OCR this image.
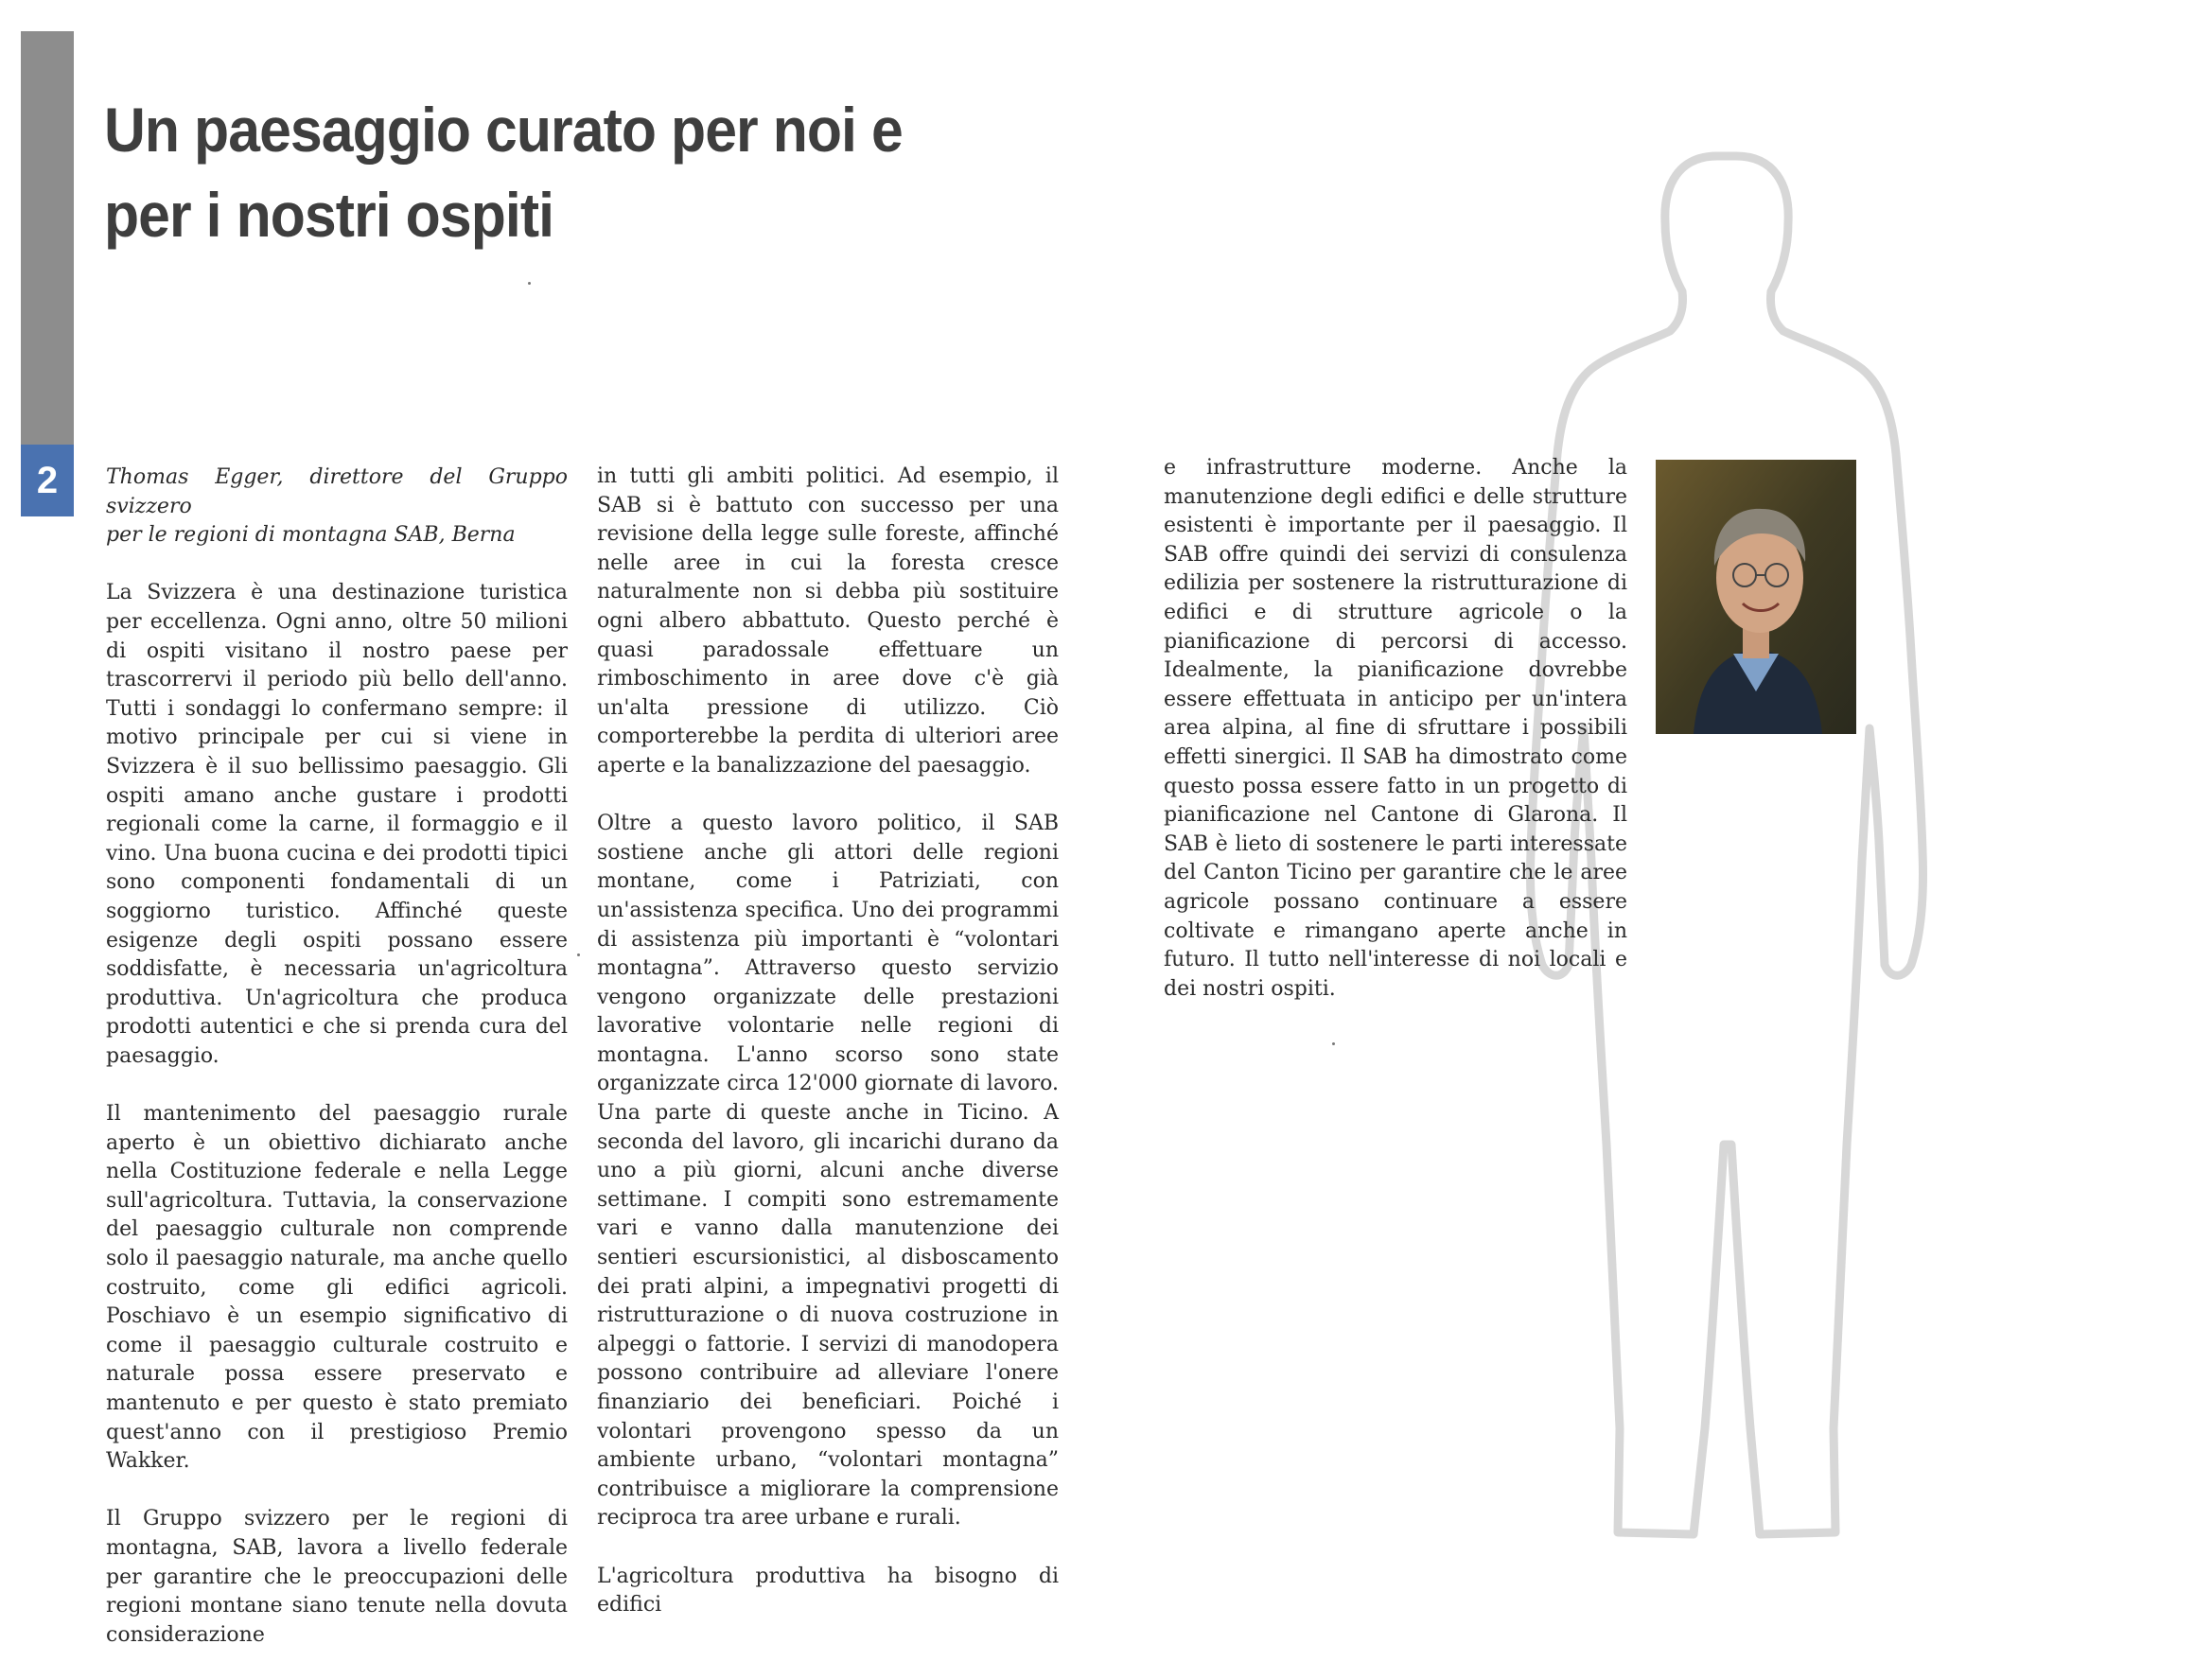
2
Un paesaggio curato per noi e
per i nostri ospiti

Thomas Egger, direttore del Gruppo svizzero
per le regioni di montagna SAB, Berna

La Svizzera è una destinazione turistica per eccellenza. Ogni anno, oltre 50 milioni di ospiti visitano il nostro paese per trascorrervi il periodo più bello dell'anno. Tutti i sondaggi lo confermano sempre: il motivo principale per cui si viene in Svizzera è il suo bellissimo paesaggio. Gli ospiti amano anche gustare i prodotti regionali come la carne, il formaggio e il vino. Una buona cucina e dei prodotti tipici sono componenti fondamentali di un soggiorno turistico. Affinché queste esigenze degli ospiti possano essere soddisfatte, è necessaria un'agricoltura produttiva. Un'agricoltura che produca prodotti autentici e che si prenda cura del paesaggio.

Il mantenimento del paesaggio rurale aperto è un obiettivo dichiarato anche nella Costituzione federale e nella Legge sull'agricoltura. Tuttavia, la conservazione del paesaggio culturale non comprende solo il paesaggio naturale, ma anche quello costruito, come gli edifici agricoli. Poschiavo è un esempio significativo di come il paesaggio culturale costruito e naturale possa essere preservato e mantenuto e per questo è stato premiato quest'anno con il prestigioso Premio Wakker.

Il Gruppo svizzero per le regioni di montagna, SAB, lavora a livello federale per garantire che le preoccupazioni delle regioni montane siano tenute nella dovuta considerazione

in tutti gli ambiti politici. Ad esempio, il SAB si è battuto con successo per una revisione della legge sulle foreste, affinché nelle aree in cui la foresta cresce naturalmente non si debba più sostituire ogni albero abbattuto. Questo perché è quasi paradossale effettuare un rimboschimento in aree dove c'è già un'alta pressione di utilizzo. Ciò comporterebbe la perdita di ulteriori aree aperte e la banalizzazione del paesaggio.

Oltre a questo lavoro politico, il SAB sostiene anche gli attori delle regioni montane, come i Patriziati, con un'assistenza specifica. Uno dei programmi di assistenza più importanti è “volontari montagna”. Attraverso questo servizio vengono organizzate delle prestazioni lavorative volontarie nelle regioni di montagna. L'anno scorso sono state organizzate circa 12'000 giornate di lavoro. Una parte di queste anche in Ticino. A seconda del lavoro, gli incarichi durano da uno a più giorni, alcuni anche diverse settimane. I compiti sono estremamente vari e vanno dalla manutenzione dei sentieri escursionistici, al disboscamento dei prati alpini, a impegnativi progetti di ristrutturazione o di nuova costruzione in alpeggi o fattorie. I servizi di manodopera possono contribuire ad alleviare l'onere finanziario dei beneficiari. Poiché i volontari provengono spesso da un ambiente urbano, “volontari montagna” contribuisce a migliorare la comprensione reciproca tra aree urbane e rurali.

L'agricoltura produttiva ha bisogno di edifici

e infrastrutture moderne. Anche la manutenzione degli edifici e delle strutture esistenti è importante per il paesaggio. Il SAB offre quindi dei servizi di consulenza edilizia per sostenere la ristrutturazione di edifici e di strutture agricole o la pianificazione di percorsi di accesso. Idealmente, la pianificazione dovrebbe essere effettuata in anticipo per un'intera area alpina, al fine di sfruttare i possibili effetti sinergici. Il SAB ha dimostrato come questo possa essere fatto in un progetto di pianificazione nel Cantone di Glarona. Il SAB è lieto di sostenere le parti interessate del Canton Ticino per garantire che le aree agricole possano continuare a essere coltivate e rimangano aperte anche in futuro. Il tutto nell'interesse di noi locali e dei nostri ospiti.
